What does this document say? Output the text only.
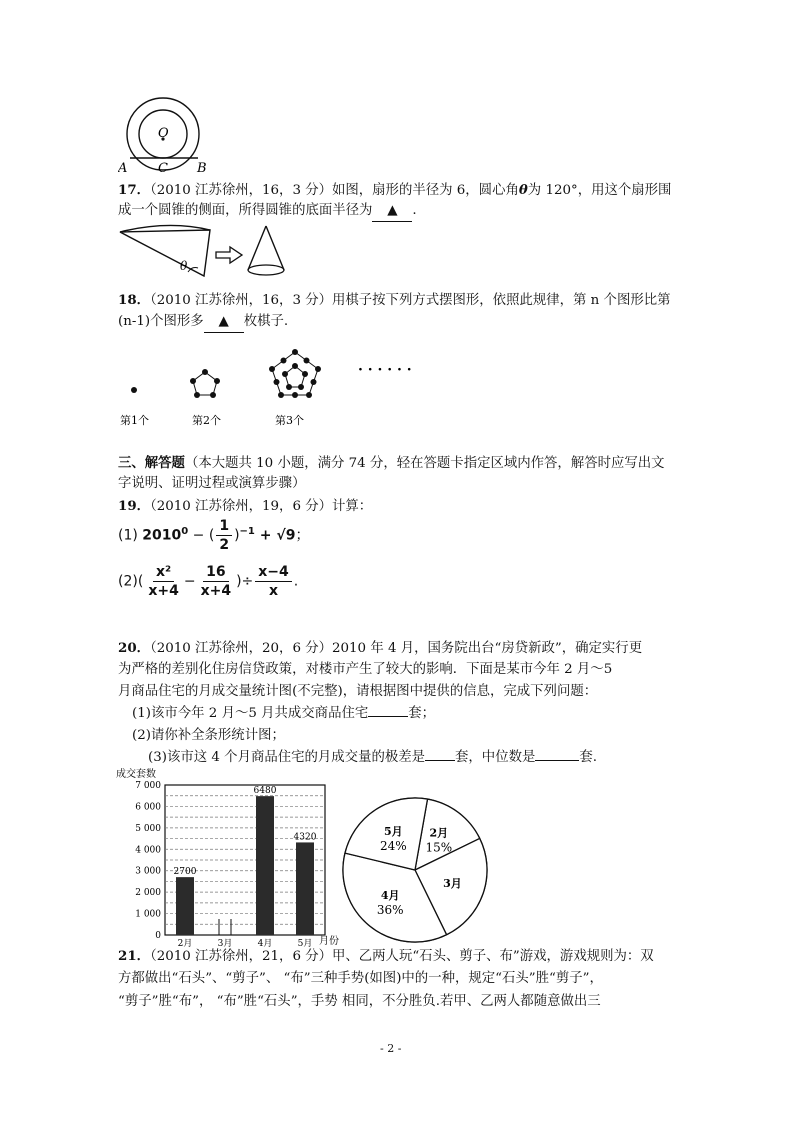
O
A C B
17．（2010 江苏徐州，16，3 分）如图，扇形的半径为 6，圆心角θ为 120°，用这个扇形围
成一个圆锥的侧面，所得圆锥的底面半径为 ▲ .
θ
18．（2010 江苏徐州，16，3 分）用棋子按下列方式摆图形，依照此规律，第 n 个图形比第
(n-1)个图形多 ▲ 枚棋子.
· · · · · ·
第1个	第2个	第3个
三、解答题（本大题共 10 小题，满分 74 分，轻在答题卡指定区域内作答，解答时应写出文
字说明、证明过程或演算步骤）
19．（2010 江苏徐州，19，6 分）计算：
(1) $2010^0$ − ( $\frac{1}{2} )^{-1} + √9$；
$(2)( \frac{\text{x²}}{x+4} - \frac{16}{x+4}$ )÷ $\frac{x-4}{x}$ .
20．（2010 江苏徐州，20，6 分）2010 年 4 月，国务院出台“房贷新政”，确定实行更
为严格的差别化住房信贷政策，对楼市产生了较大的影响．下面是某市今年 2 月～5
月商品住宅的月成交量统计图(不完整)，请根据图中提供的信息，完成下列问题：
(1)该市今年 2 月～5 月共成交商品住宅	套；
(2)请你补全条形统计图；
(3)该市这 4 个月商品住宅的月成交量的极差是 套，中位数是	套.
成交套数
月份
0
1 000
2 000
3 000
4 000
5 000
6 000
7 000
2700
2月	3月
6480
4月
4320
5月
2月
15%
3月
4月
36%
5月
24%
21．（2010 江苏徐州，21，6 分）甲、乙两人玩“石头、剪子、布”游戏，游戏规则为：双
方都做出“石头”、“剪子”、 “布”三种手势(如图)中的一种，规定“石头”胜“剪子”，
“剪子”胜“布”， “布”胜“石头”，手势 相同，不分胜负.若甲、乙两人都随意做出三
- 2 -
